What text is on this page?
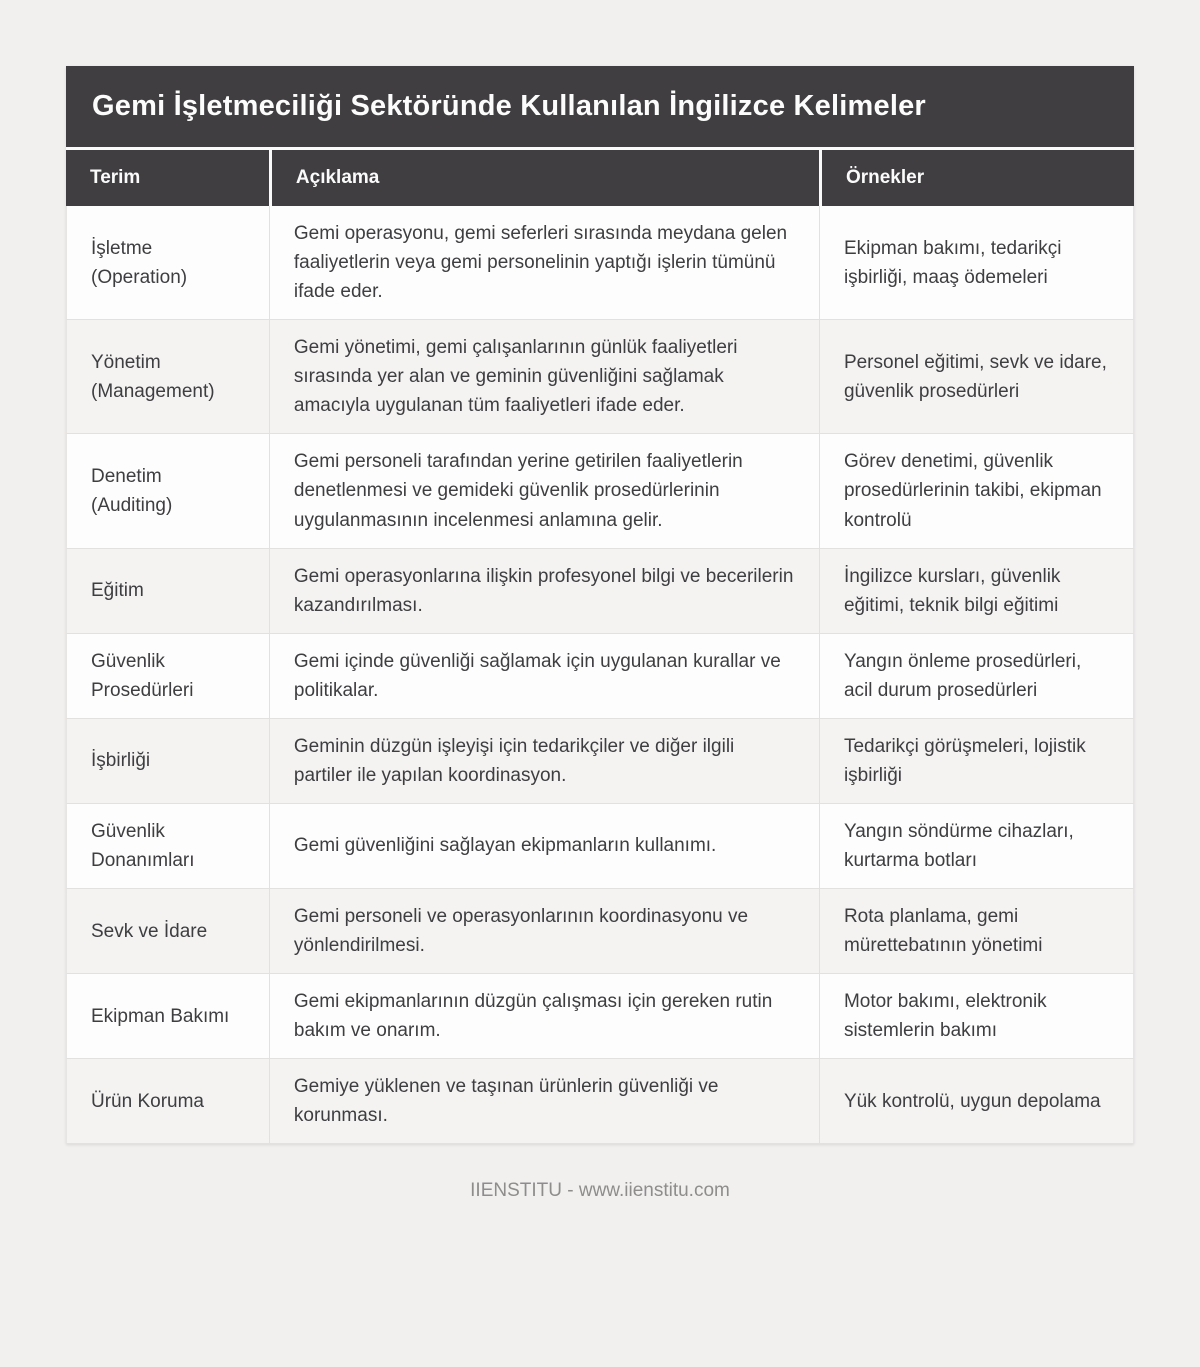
Gemi İşletmeciliği Sektöründe Kullanılan İngilizce Kelimeler
Terim	Açıklama	Örnekler
İşletme (Operation)	Gemi operasyonu, gemi seferleri sırasında meydana gelen faaliyetlerin veya gemi personelinin yaptığı işlerin tümünü ifade eder.	Ekipman bakımı, tedarikçi işbirliği, maaş ödemeleri
Yönetim (Management)	Gemi yönetimi, gemi çalışanlarının günlük faaliyetleri sırasında yer alan ve geminin güvenliğini sağlamak amacıyla uygulanan tüm faaliyetleri ifade eder.	Personel eğitimi, sevk ve idare, güvenlik prosedürleri
Denetim (Auditing)	Gemi personeli tarafından yerine getirilen faaliyetlerin denetlenmesi ve gemideki güvenlik prosedürlerinin uygulanmasının incelenmesi anlamına gelir.	Görev denetimi, güvenlik prosedürlerinin takibi, ekipman kontrolü
Eğitim	Gemi operasyonlarına ilişkin profesyonel bilgi ve becerilerin kazandırılması.	İngilizce kursları, güvenlik eğitimi, teknik bilgi eğitimi
Güvenlik Prosedürleri	Gemi içinde güvenliği sağlamak için uygulanan kurallar ve politikalar.	Yangın önleme prosedürleri, acil durum prosedürleri
İşbirliği	Geminin düzgün işleyişi için tedarikçiler ve diğer ilgili partiler ile yapılan koordinasyon.	Tedarikçi görüşmeleri, lojistik işbirliği
Güvenlik Donanımları	Gemi güvenliğini sağlayan ekipmanların kullanımı.	Yangın söndürme cihazları, kurtarma botları
Sevk ve İdare	Gemi personeli ve operasyonlarının koordinasyonu ve yönlendirilmesi.	Rota planlama, gemi mürettebatının yönetimi
Ekipman Bakımı	Gemi ekipmanlarının düzgün çalışması için gereken rutin bakım ve onarım.	Motor bakımı, elektronik sistemlerin bakımı
Ürün Koruma	Gemiye yüklenen ve taşınan ürünlerin güvenliği ve korunması.	Yük kontrolü, uygun depolama
IIENSTITU - www.iienstitu.com
